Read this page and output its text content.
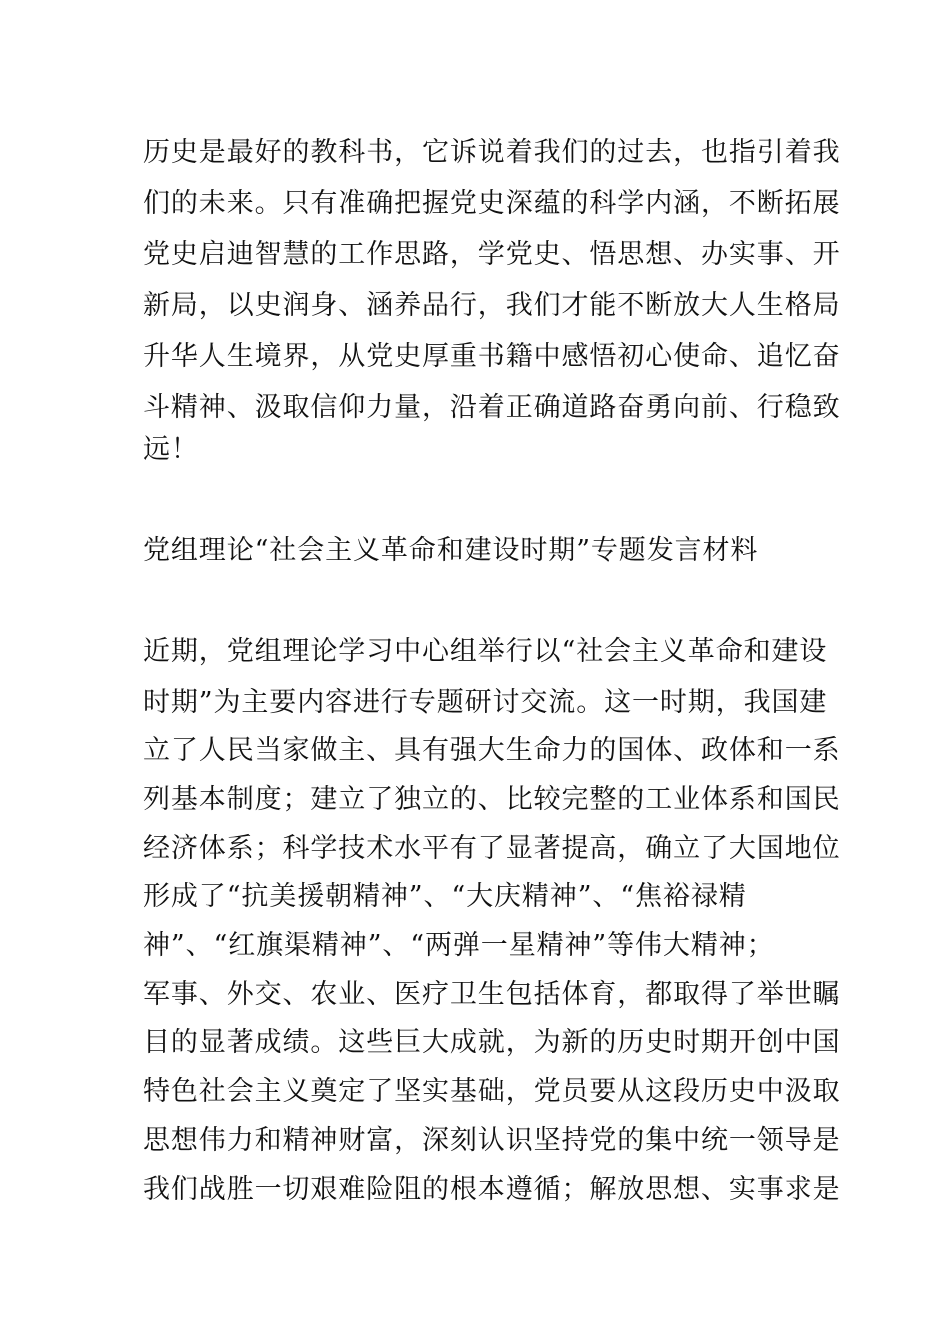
历史是最好的教科书，它诉说着我们的过去，也指引着我
们的未来。只有准确把握党史深蕴的科学内涵，不断拓展
党史启迪智慧的工作思路，学党史、悟思想、办实事、开
新局，以史润身、涵养品行，我们才能不断放大人生格局
升华人生境界，从党史厚重书籍中感悟初心使命、追忆奋
斗精神、汲取信仰力量，沿着正确道路奋勇向前、行稳致
远！
党组理论“社会主义革命和建设时期”专题发言材料
近期，党组理论学习中心组举行以“社会主义革命和建设
时期”为主要内容进行专题研讨交流。这一时期，我国建
立了人民当家做主、具有强大生命力的国体、政体和一系
列基本制度；建立了独立的、比较完整的工业体系和国民
经济体系；科学技术水平有了显著提高，确立了大国地位
形成了“抗美援朝精神”、“大庆精神”、“焦裕禄精
神”、“红旗渠精神”、“两弹一星精神”等伟大精神；
军事、外交、农业、医疗卫生包括体育，都取得了举世瞩
目的显著成绩。这些巨大成就，为新的历史时期开创中国
特色社会主义奠定了坚实基础，党员要从这段历史中汲取
思想伟力和精神财富，深刻认识坚持党的集中统一领导是
我们战胜一切艰难险阻的根本遵循；解放思想、实事求是
